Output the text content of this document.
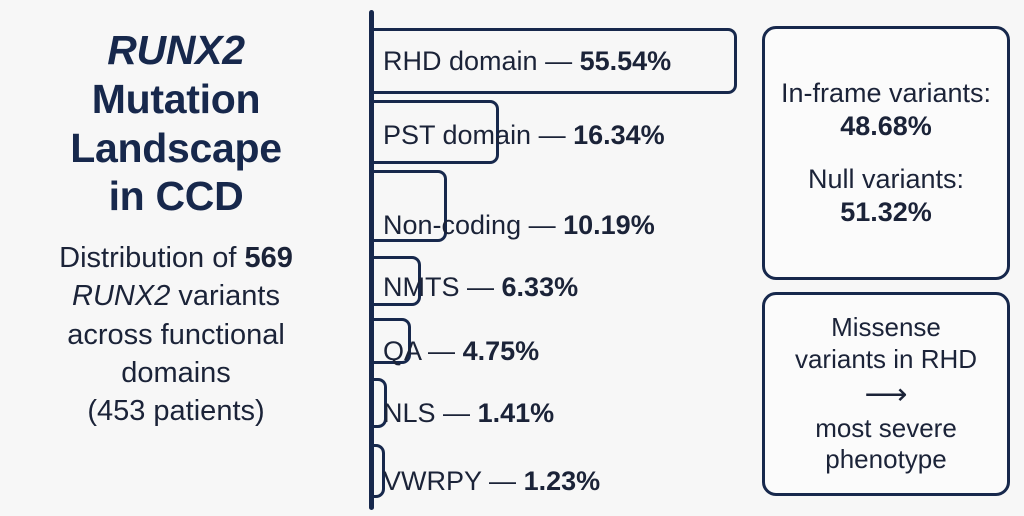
RUNX2
Mutation
Landscape
in CCD
Distribution of 569
RUNX2 variants
across functional
domains
(453 patients)
RHD domain — 55.54%
PST domain — 16.34%
Non-coding — 10.19%
NMTS — 6.33%
QA — 4.75%
NLS — 1.41%
VWRPY — 1.23%
In-frame variants:
48.68%
Null variants:
51.32%
Missense
variants in RHD
⟶
most severe
phenotype
